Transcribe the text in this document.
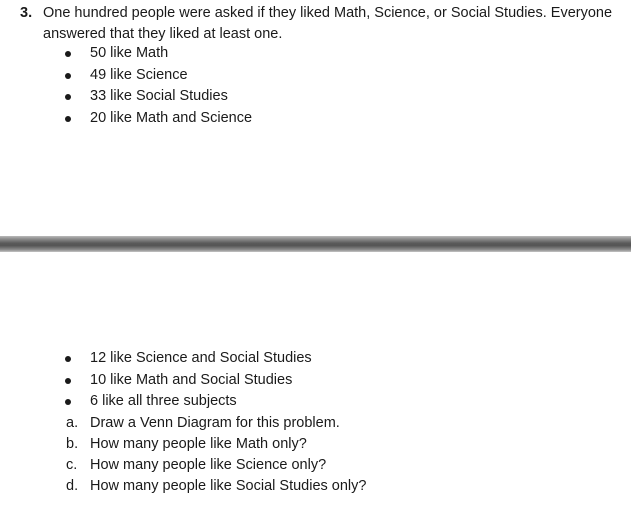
3. One hundred people were asked if they liked Math, Science, or Social Studies. Everyone
answered that they liked at least one.
50 like Math
49 like Science
33 like Social Studies
20 like Math and Science
12 like Science and Social Studies
10 like Math and Social Studies
6 like all three subjects
a. Draw a Venn Diagram for this problem.
b. How many people like Math only?
c. How many people like Science only?
d. How many people like Social Studies only?
